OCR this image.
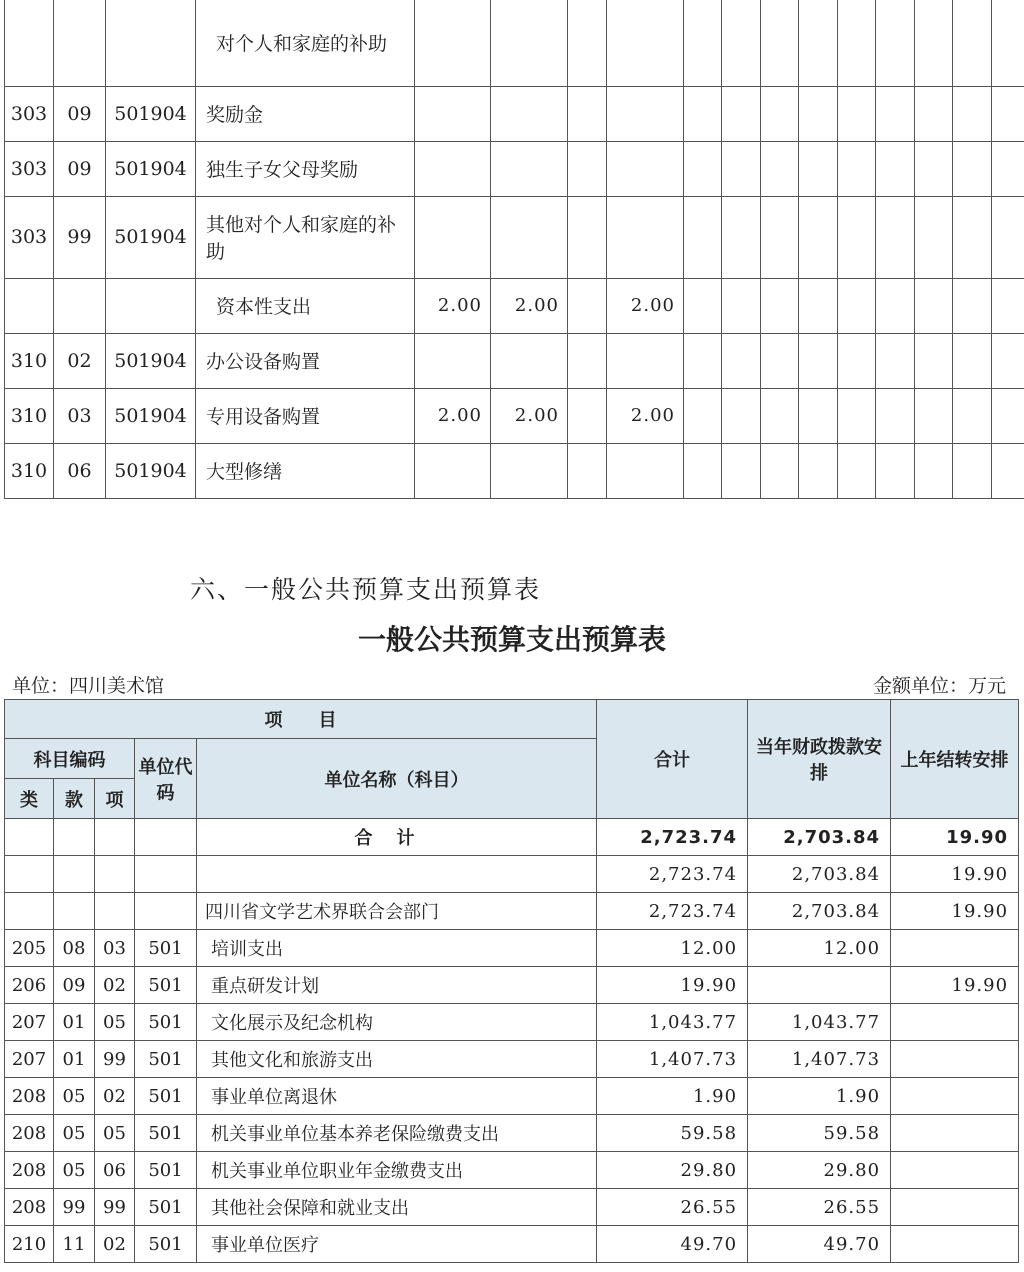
			对个人和家庭的补助														
303	09	501904	奖励金														
303	09	501904	独生子女父母奖励														
303	99	501904	其他对个人和家庭的补助														
			资本性支出	2.00	2.00		2.00										
310	02	501904	办公设备购置														
310	03	501904	专用设备购置	2.00	2.00		2.00										
310	06	501904	大型修缮														
六、一般公共预算支出预算表
一般公共预算支出预算表
单位：四川美术馆	金额单位：万元
项　　目					合计	当年财政拨款安排	上年结转安排
科目编码			单位代码	单位名称（科目）			
类	款	项					
				合计	2,723.74	2,703.84	19.90
					2,723.74	2,703.84	19.90
				四川省文学艺术界联合会部门	2,723.74	2,703.84	19.90
205	08	03	501	培训支出	12.00	12.00	
206	09	02	501	重点研发计划	19.90		19.90
207	01	05	501	文化展示及纪念机构	1,043.77	1,043.77	
207	01	99	501	其他文化和旅游支出	1,407.73	1,407.73	
208	05	02	501	事业单位离退休	1.90	1.90	
208	05	05	501	机关事业单位基本养老保险缴费支出	59.58	59.58	
208	05	06	501	机关事业单位职业年金缴费支出	29.80	29.80	
208	99	99	501	其他社会保障和就业支出	26.55	26.55	
210	11	02	501	事业单位医疗	49.70	49.70	
